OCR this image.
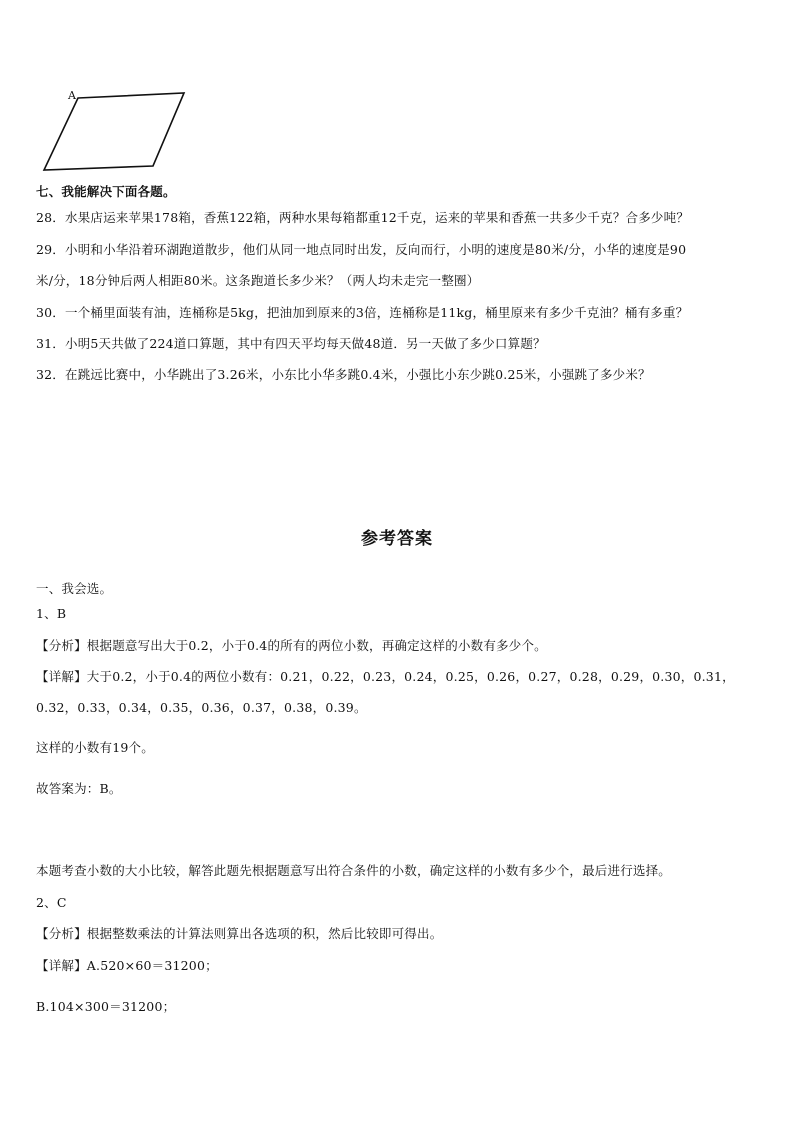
A
七、我能解决下面各题。
28．水果店运来苹果178箱，香蕉122箱，两种水果每箱都重12千克，运来的苹果和香蕉一共多少千克？合多少吨？
29．小明和小华沿着环湖跑道散步，他们从同一地点同时出发，反向而行，小明的速度是80米/分，小华的速度是90
米/分，18分钟后两人相距80米。这条跑道长多少米？（两人均未走完一整圈）
30．一个桶里面装有油，连桶称是5kg，把油加到原来的3倍，连桶称是11kg，桶里原来有多少千克油？桶有多重？
31．小明5天共做了224道口算题，其中有四天平均每天做48道．另一天做了多少口算题？
32．在跳远比赛中，小华跳出了3.26米，小东比小华多跳0.4米，小强比小东少跳0.25米，小强跳了多少米？
参考答案
一、我会选。
1、B
【分析】根据题意写出大于0.2，小于0.4的所有的两位小数，再确定这样的小数有多少个。
【详解】大于0.2，小于0.4的两位小数有：0.21，0.22，0.23，0.24，0.25，0.26，0.27，0.28，0.29，0.30，0.31，
0.32，0.33，0.34，0.35，0.36，0.37，0.38，0.39。
这样的小数有19个。
故答案为：B。
本题考查小数的大小比较，解答此题先根据题意写出符合条件的小数，确定这样的小数有多少个，最后进行选择。
2、C
【分析】根据整数乘法的计算法则算出各选项的积，然后比较即可得出。
【详解】A.520×60＝31200；
B.104×300＝31200；
